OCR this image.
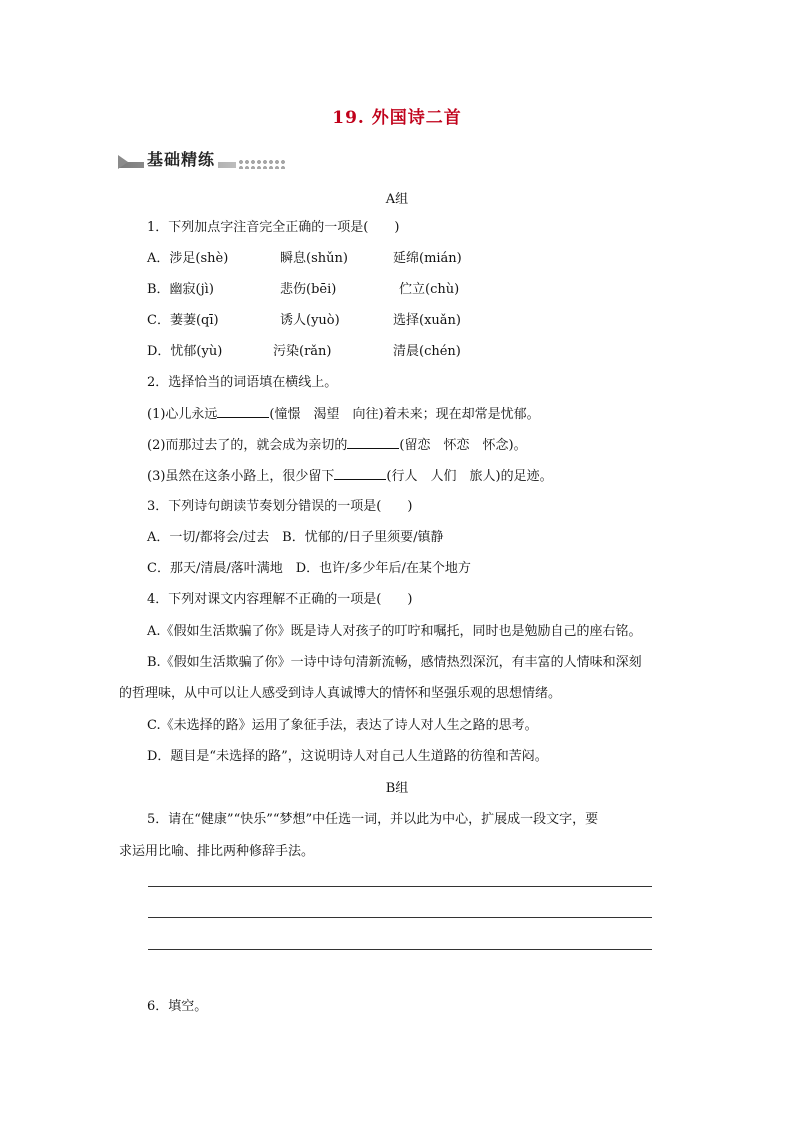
19. 外国诗二首
基础精练
A组
1．下列加点字注音完全正确的一项是(　　)
A．涉足(shè)	瞬息(shǔn)	延绵(mián)
B．幽寂(jì)	悲伤(bēi)	伫立(chù)
C．萋萋(qī)	诱人(yuò)	选择(xuǎn)
D．忧郁(yù)	污染(rǎn)	清晨(chén)
2．选择恰当的词语填在横线上。
(1)心儿永远	(憧憬　渴望　向往)着未来；现在却常是忧郁。
(2)而那过去了的，就会成为亲切的	(留恋　怀恋　怀念)。
(3)虽然在这条小路上，很少留下	(行人　人们　旅人)的足迹。
3．下列诗句朗读节奏划分错误的一项是(　　)
A．一切/都将会/过去　B．忧郁的/日子里须要/镇静
C．那天/清晨/落叶满地　D．也许/多少年后/在某个地方
4．下列对课文内容理解不正确的一项是(　　)
A.《假如生活欺骗了你》既是诗人对孩子的叮咛和嘱托，同时也是勉励自己的座右铭。
B.《假如生活欺骗了你》一诗中诗句清新流畅，感情热烈深沉，有丰富的人情味和深刻
的哲理味，从中可以让人感受到诗人真诚博大的情怀和坚强乐观的思想情绪。
C.《未选择的路》运用了象征手法，表达了诗人对人生之路的思考。
D．题目是“未选择的路”，这说明诗人对自己人生道路的彷徨和苦闷。
B组
5．请在“健康”“快乐”“梦想”中任选一词，并以此为中心，扩展成一段文字，要
求运用比喻、排比两种修辞手法。
6．填空。
